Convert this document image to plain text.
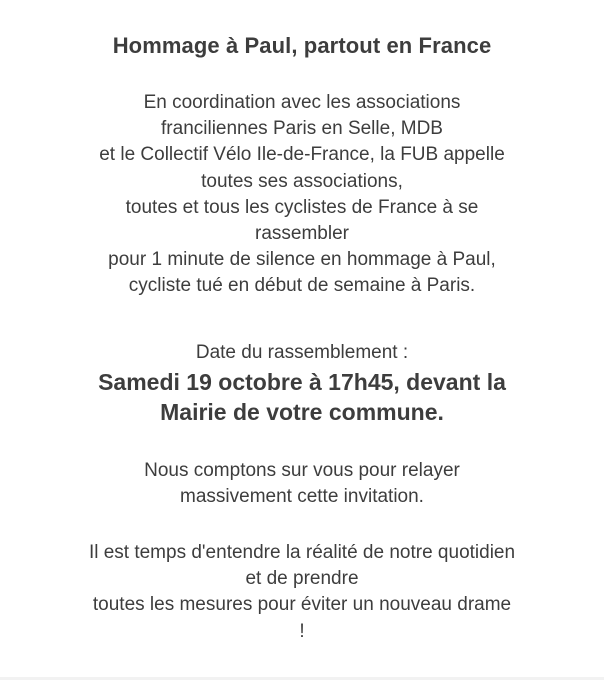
Hommage à Paul, partout en France
En coordination avec les associations
franciliennes Paris en Selle, MDB
et le Collectif Vélo Ile-de-France, la FUB appelle
toutes ses associations,
toutes et tous les cyclistes de France à se
rassembler
pour 1 minute de silence en hommage à Paul,
cycliste tué en début de semaine à Paris.
Date du rassemblement :
Samedi 19 octobre à 17h45, devant la
Mairie de votre commune.
Nous comptons sur vous pour relayer
massivement cette invitation.
Il est temps d'entendre la réalité de notre quotidien
et de prendre
toutes les mesures pour éviter un nouveau drame
!
